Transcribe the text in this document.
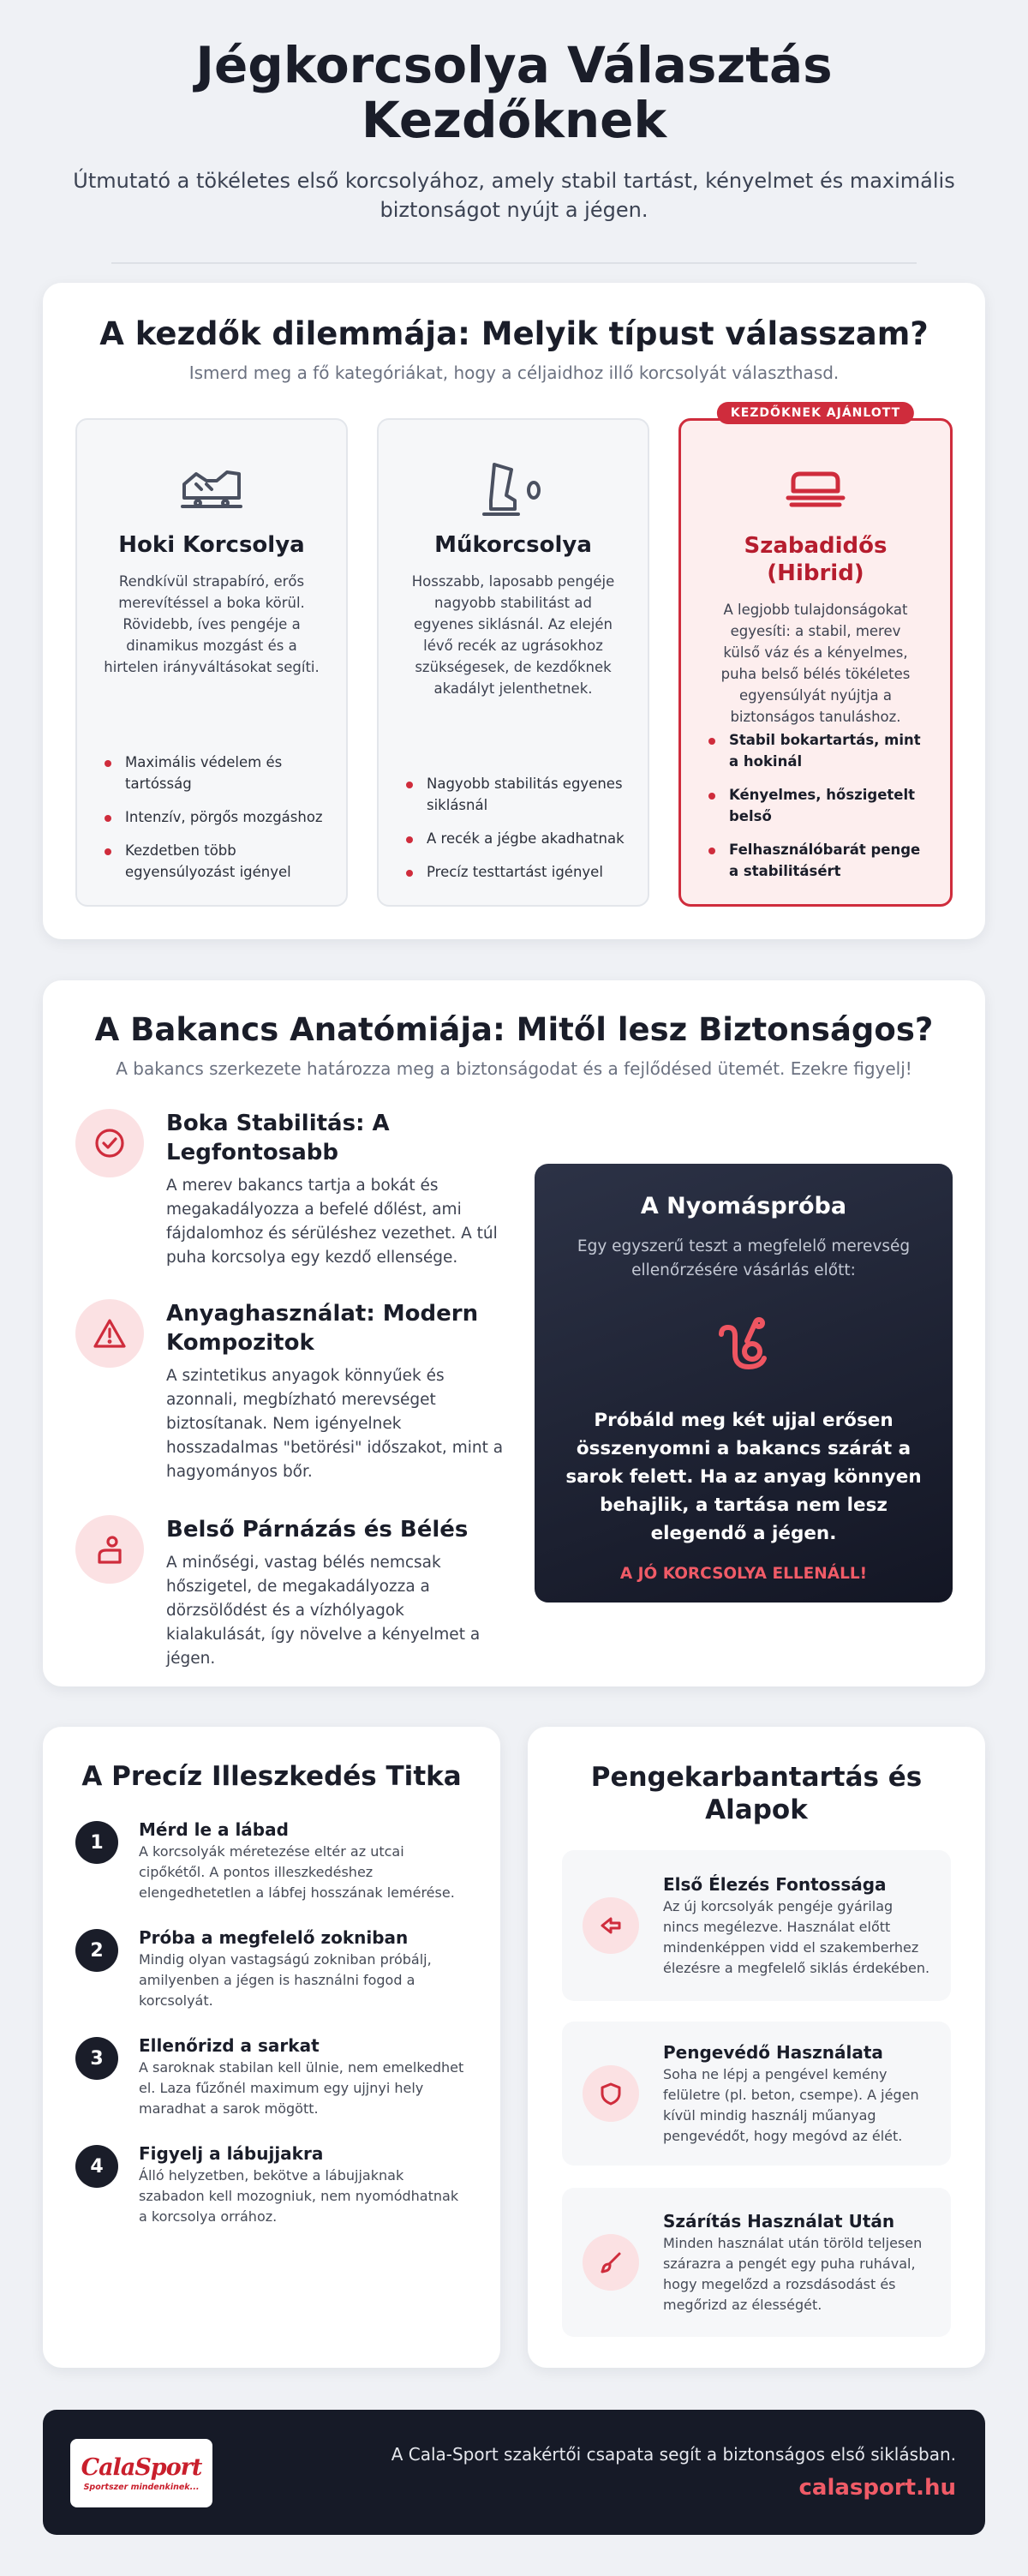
Jégkorcsolya Választás Kezdőknek

Útmutató a tökéletes első korcsolyához, amely stabil tartást, kényelmet és maximális biztonságot nyújt a jégen.

A kezdők dilemmája: Melyik típust válasszam?

Ismerd meg a fő kategóriákat, hogy a céljaidhoz illő korcsolyát választhasd.

Hoki Korcsolya

Rendkívül strapabíró, erős merevítéssel a boka körül. Rövidebb, íves pengéje a dinamikus mozgást és a hirtelen irányváltásokat segíti.

Maximális védelem és tartósság
Intenzív, pörgős mozgáshoz
Kezdetben több egyensúlyozást igényel
Műkorcsolya

Hosszabb, laposabb pengéje nagyobb stabilitást ad egyenes siklásnál. Az elején lévő recék az ugrásokhoz szükségesek, de kezdőknek akadályt jelenthetnek.

Nagyobb stabilitás egyenes siklásnál
A recék a jégbe akadhatnak
Precíz testtartást igényel
KEZDŐKNEK AJÁNLOTT
Szabadidős (Hibrid)

A legjobb tulajdonságokat egyesíti: a stabil, merev külső váz és a kényelmes, puha belső bélés tökéletes egyensúlyát nyújtja a biztonságos tanuláshoz.

Stabil bokartartás, mint a hokinál
Kényelmes, hőszigetelt belső
Felhasználóbarát penge a stabilitásért
A Bakancs Anatómiája: Mitől lesz Biztonságos?

A bakancs szerkezete határozza meg a biztonságodat és a fejlődésed ütemét. Ezekre figyelj!

Boka Stabilitás: A Legfontosabb

A merev bakancs tartja a bokát és megakadályozza a befelé dőlést, ami fájdalomhoz és sérüléshez vezethet. A túl puha korcsolya egy kezdő ellensége.

Anyaghasználat: Modern Kompozitok

A szintetikus anyagok könnyűek és azonnali, megbízható merevséget biztosítanak. Nem igényelnek hosszadalmas "betörési" időszakot, mint a hagyományos bőr.

Belső Párnázás és Bélés

A minőségi, vastag bélés nemcsak hőszigetel, de megakadályozza a dörzsölődést és a vízhólyagok kialakulását, így növelve a kényelmet a jégen.

A Nyomáspróba

Egy egyszerű teszt a megfelelő merevség ellenőrzésére vásárlás előtt:

Próbáld meg két ujjal erősen összenyomni a bakancs szárát a sarok felett. Ha az anyag könnyen behajlik, a tartása nem lesz elegendő a jégen.

A JÓ KORCSOLYA ELLENÁLL!

A Precíz Illeszkedés Titka
1
Mérd le a lábad

A korcsolyák méretezése eltér az utcai cipőkétől. A pontos illeszkedéshez elengedhetetlen a lábfej hosszának lemérése.

2
Próba a megfelelő zokniban

Mindig olyan vastagságú zokniban próbálj, amilyenben a jégen is használni fogod a korcsolyát.

3
Ellenőrizd a sarkat

A saroknak stabilan kell ülnie, nem emelkedhet el. Laza fűzőnél maximum egy ujjnyi hely maradhat a sarok mögött.

4
Figyelj a lábujjakra

Álló helyzetben, bekötve a lábujjaknak szabadon kell mozogniuk, nem nyomódhatnak a korcsolya orrához.

Pengekarbantartás és Alapok
Első Élezés Fontossága

Az új korcsolyák pengéje gyárilag nincs megélezve. Használat előtt mindenképpen vidd el szakemberhez élezésre a megfelelő siklás érdekében.

Pengevédő Használata

Soha ne lépj a pengével kemény felületre (pl. beton, csempe). A jégen kívül mindig használj műanyag pengevédőt, hogy megóvd az élét.

Szárítás Használat Után

Minden használat után töröld teljesen szárazra a pengét egy puha ruhával, hogy megelőzd a rozsdásodást és megőrizd az élességét.

CalaSport
Sportszer mindenkinek...
A Cala-Sport szakértői csapata segít a biztonságos első siklásban.
calasport.hu
